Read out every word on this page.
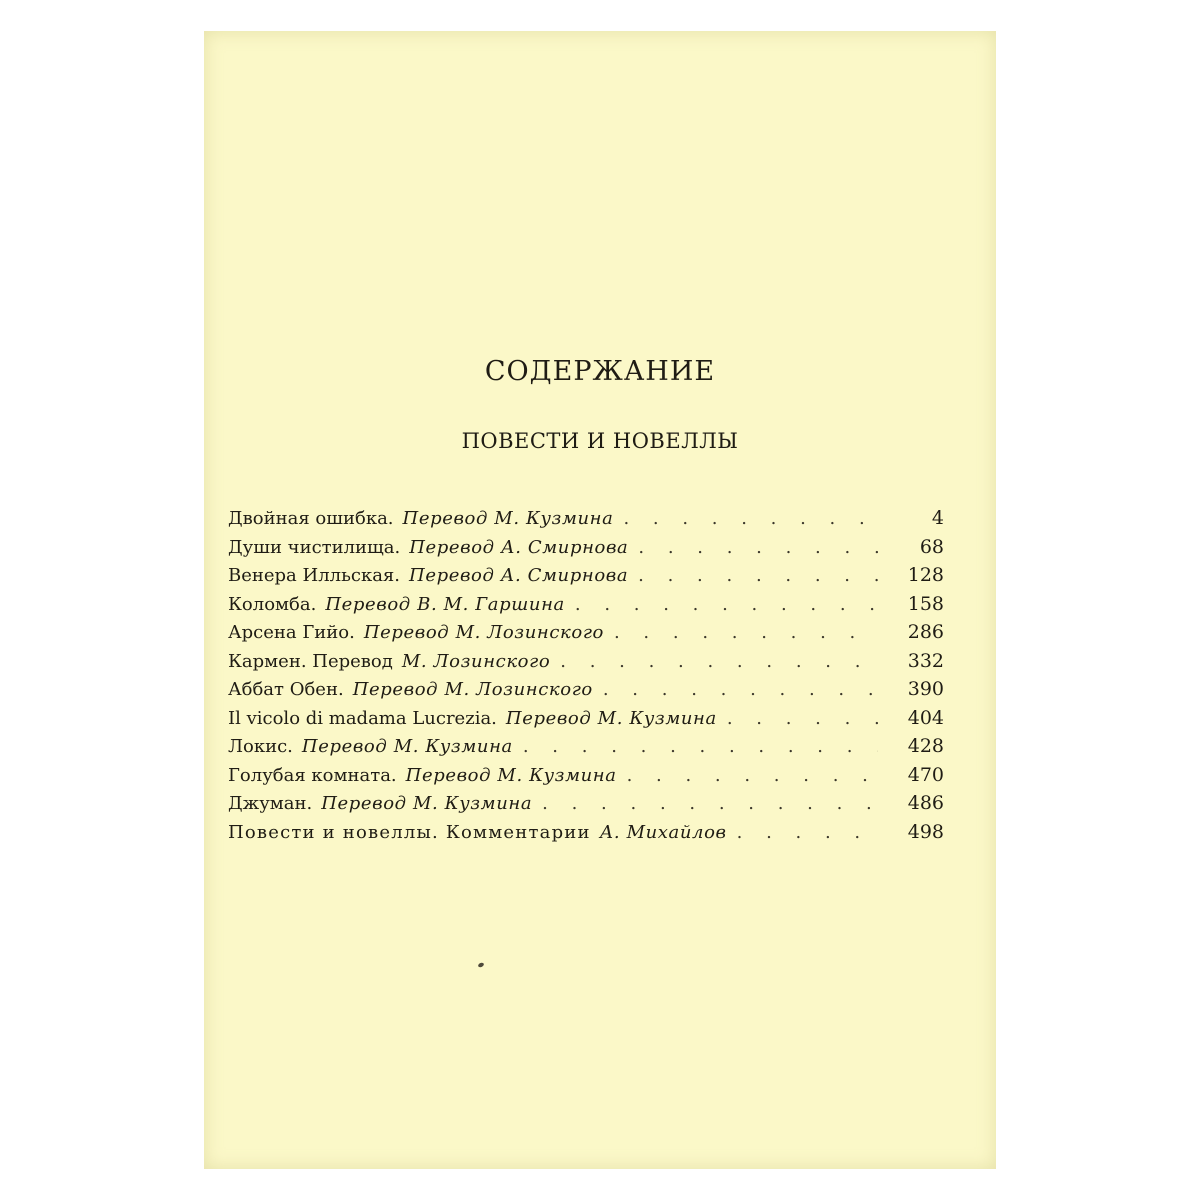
СОДЕРЖАНИЕ
ПОВЕСТИ И НОВЕЛЛЫ
Двойная ошибка. Перевод М. Кузмина . . .	4
Души чистилища. Перевод А. Смирнова . . .	68
Венера Илльская. Перевод А. Смирнова . . .	128
Коломба. Перевод В. М. Гаршина . . .	158
Арсена Гийо. Перевод М. Лозинского . . .	286
Кармен. Перевод М. Лозинского . . .	332
Аббат Обен. Перевод М. Лозинского . . .	390
Il vicolo di madama Lucrezia. Перевод М. Кузмина . . .	404
Локис. Перевод М. Кузмина . . .	428
Голубая комната. Перевод М. Кузмина . . .	470
Джуман. Перевод М. Кузмина . . .	486
Повести и новеллы. Комментарии А. Михайлов . . .	498
